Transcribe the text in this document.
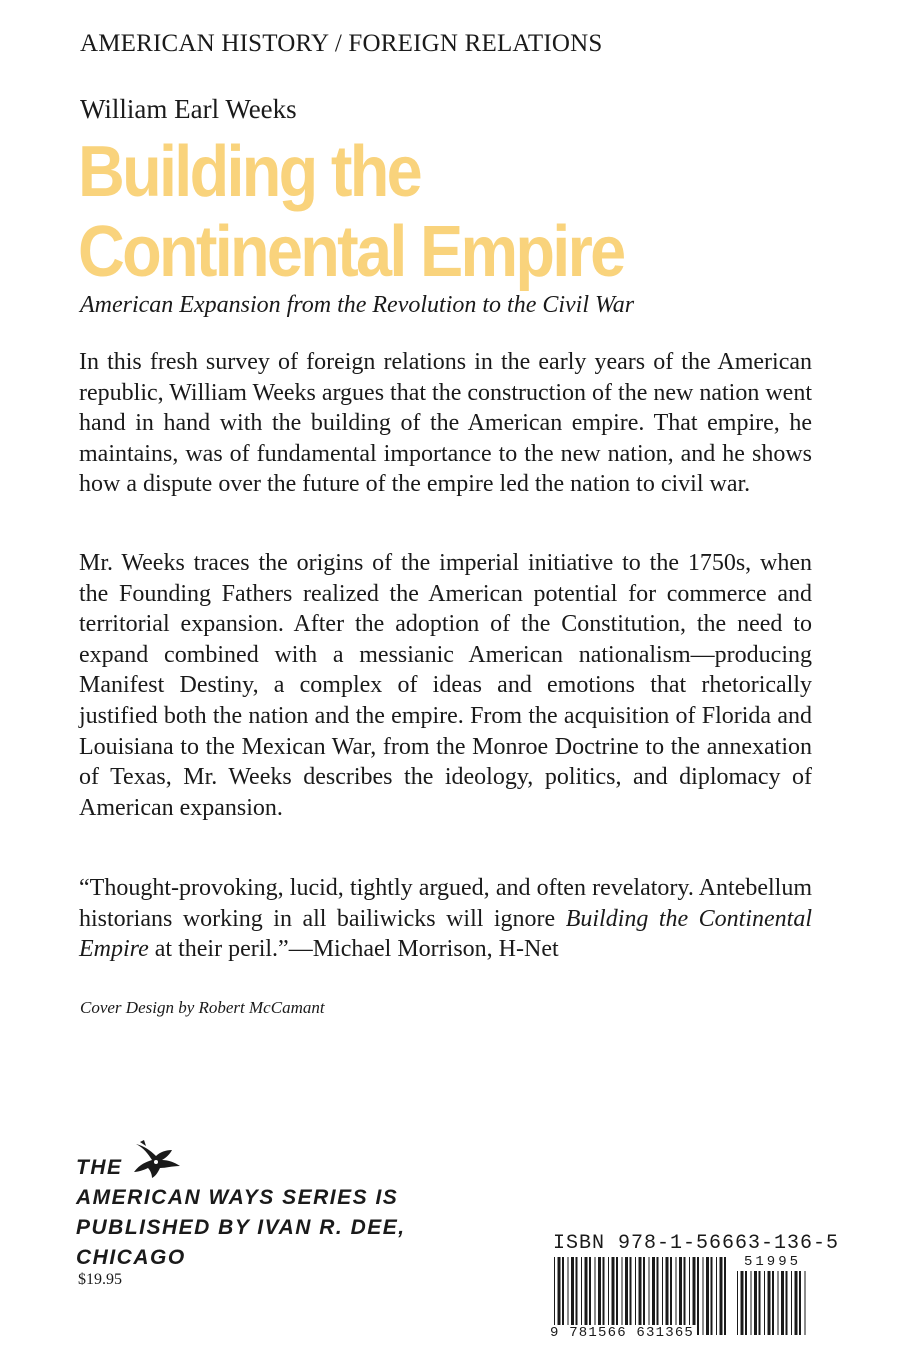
AMERICAN HISTORY / FOREIGN RELATIONS
William Earl Weeks
Building the
Continental Empire
American Expansion from the Revolution to the Civil War

In this fresh survey of foreign relations in the early years of the American republic, William Weeks argues that the construction of the new nation went hand in hand with the building of the American empire. That empire, he maintains, was of fundamental importance to the new nation, and he shows how a dispute over the future of the empire led the nation to civil war.

Mr. Weeks traces the origins of the imperial initiative to the 1750s, when the Founding Fathers realized the American potential for commerce and territorial expansion. After the adoption of the Constitution, the need to expand combined with a messianic American nationalism—producing Manifest Destiny, a complex of ideas and emotions that rhetorically justified both the nation and the empire. From the acquisition of Florida and Louisiana to the Mexican War, from the Monroe Doctrine to the annexation of Texas, Mr. Weeks describes the ideology, politics, and diplomacy of American expansion.

“Thought-provoking, lucid, tightly argued, and often revelatory. Antebellum historians working in all bailiwicks will ignore Building the Continental Empire at their peril.”—Michael Morrison, H-Net

Cover Design by Robert McCamant
THE
AMERICAN WAYS SERIES IS
PUBLISHED BY IVAN R. DEE,
CHICAGO
$19.95
ISBN 978-1-56663-136-5
9 781566 631365
51995
